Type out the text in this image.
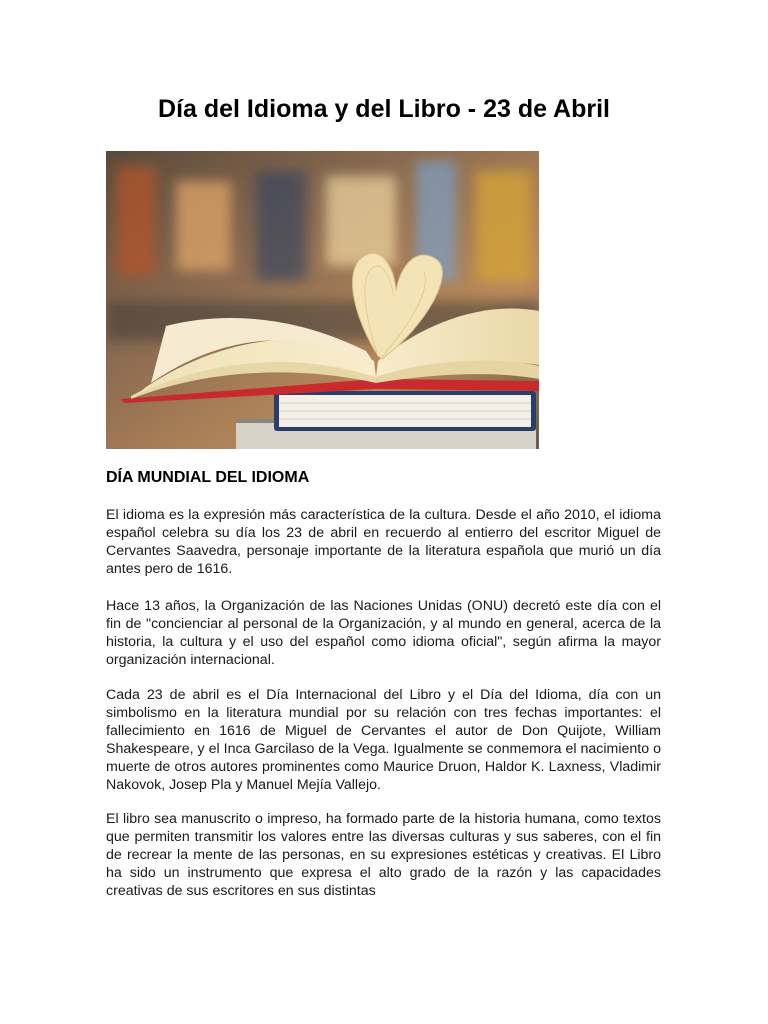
Día del Idioma y del Libro - 23 de Abril
DÍA MUNDIAL DEL IDIOMA

El idioma es la expresión más característica de la cultura. Desde el año 2010, el idioma español celebra su día los 23 de abril en recuerdo al entierro del escritor Miguel de Cervantes Saavedra, personaje importante de la literatura española que murió un día antes pero de 1616.

Hace 13 años, la Organización de las Naciones Unidas (ONU) decretó este día con el fin de "concienciar al personal de la Organización, y al mundo en general, acerca de la historia, la cultura y el uso del español como idioma oficial", según afirma la mayor organización internacional.

Cada 23 de abril es el Día Internacional del Libro y el Día del Idioma, día con un simbolismo en la literatura mundial por su relación con tres fechas importantes: el fallecimiento en 1616 de Miguel de Cervantes el autor de Don Quijote, William Shakespeare, y el Inca Garcilaso de la Vega. Igualmente se conmemora el nacimiento o muerte de otros autores prominentes como Maurice Druon, Haldor K. Laxness, Vladimir Nakovok, Josep Pla y Manuel Mejía Vallejo.

El libro sea manuscrito o impreso, ha formado parte de la historia humana, como textos que permiten transmitir los valores entre las diversas culturas y sus saberes, con el fin de recrear la mente de las personas, en su expresiones estéticas y creativas. El Libro ha sido un instrumento que expresa el alto grado de la razón y las capacidades creativas de sus escritores en sus distintas
